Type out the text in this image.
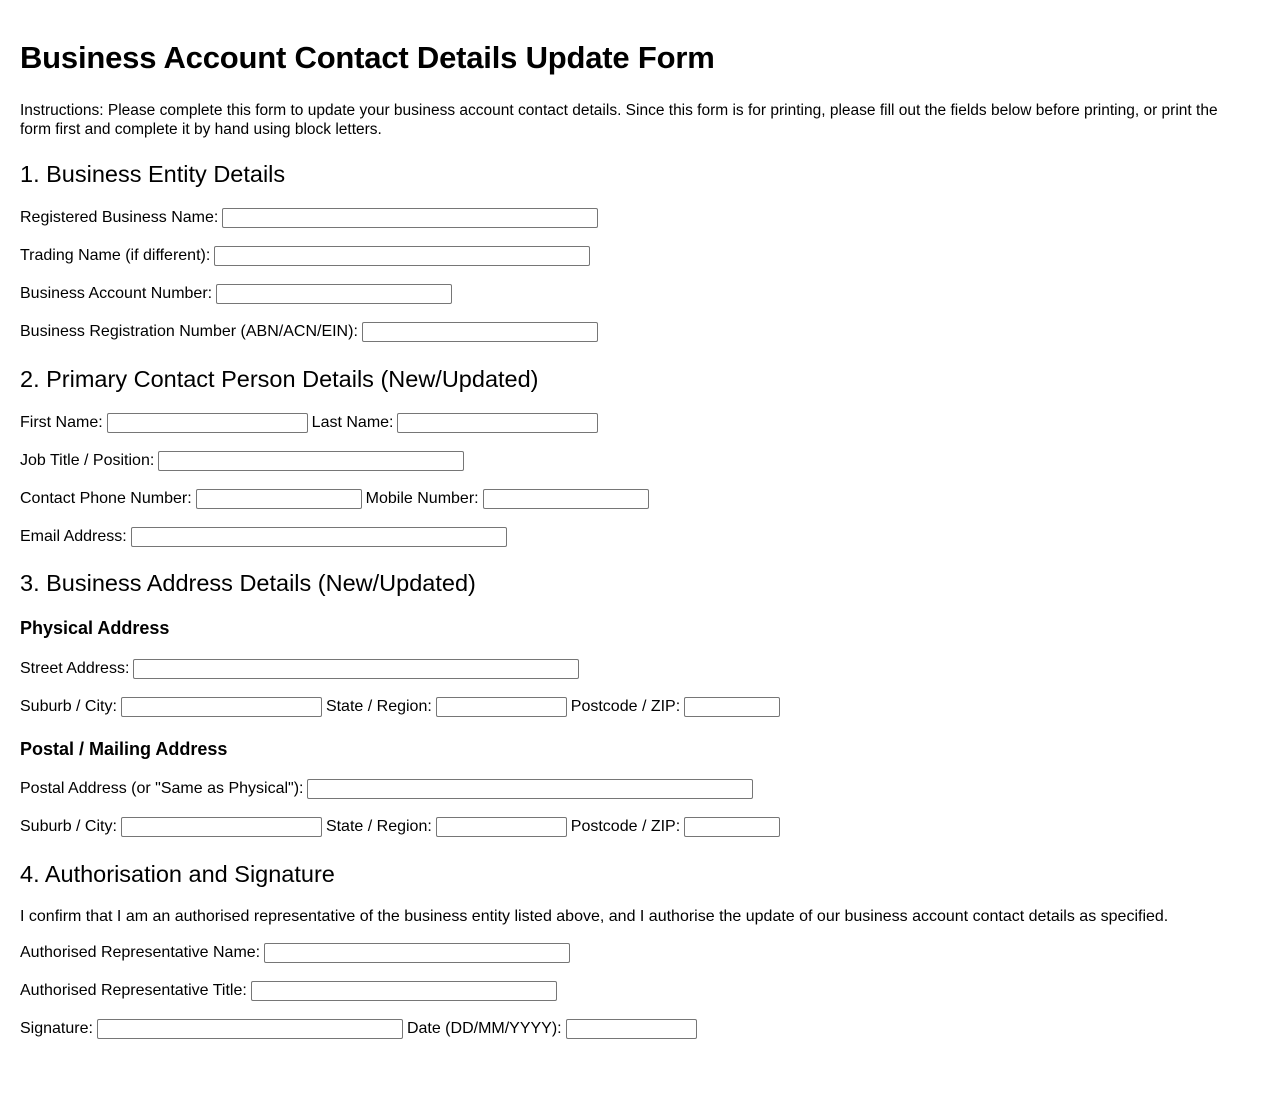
Business Account Contact Details Update Form

Instructions: Please complete this form to update your business account contact details. Since this form is for printing, please fill out the fields below before printing, or print the form first and complete it by hand using block letters.

1. Business Entity Details
Registered Business Name:
Trading Name (if different):
Business Account Number:
Business Registration Number (ABN/ACN/EIN):
2. Primary Contact Person Details (New/Updated)
First Name:	Last Name:
Job Title / Position:
Contact Phone Number:	Mobile Number:
Email Address:
3. Business Address Details (New/Updated)
Physical Address
Street Address:
Suburb / City:	State / Region:	Postcode / ZIP:
Postal / Mailing Address
Postal Address (or "Same as Physical"):
Suburb / City:	State / Region:	Postcode / ZIP:
4. Authorisation and Signature

I confirm that I am an authorised representative of the business entity listed above, and I authorise the update of our business account contact details as specified.

Authorised Representative Name:
Authorised Representative Title:
Signature:	Date (DD/MM/YYYY):
